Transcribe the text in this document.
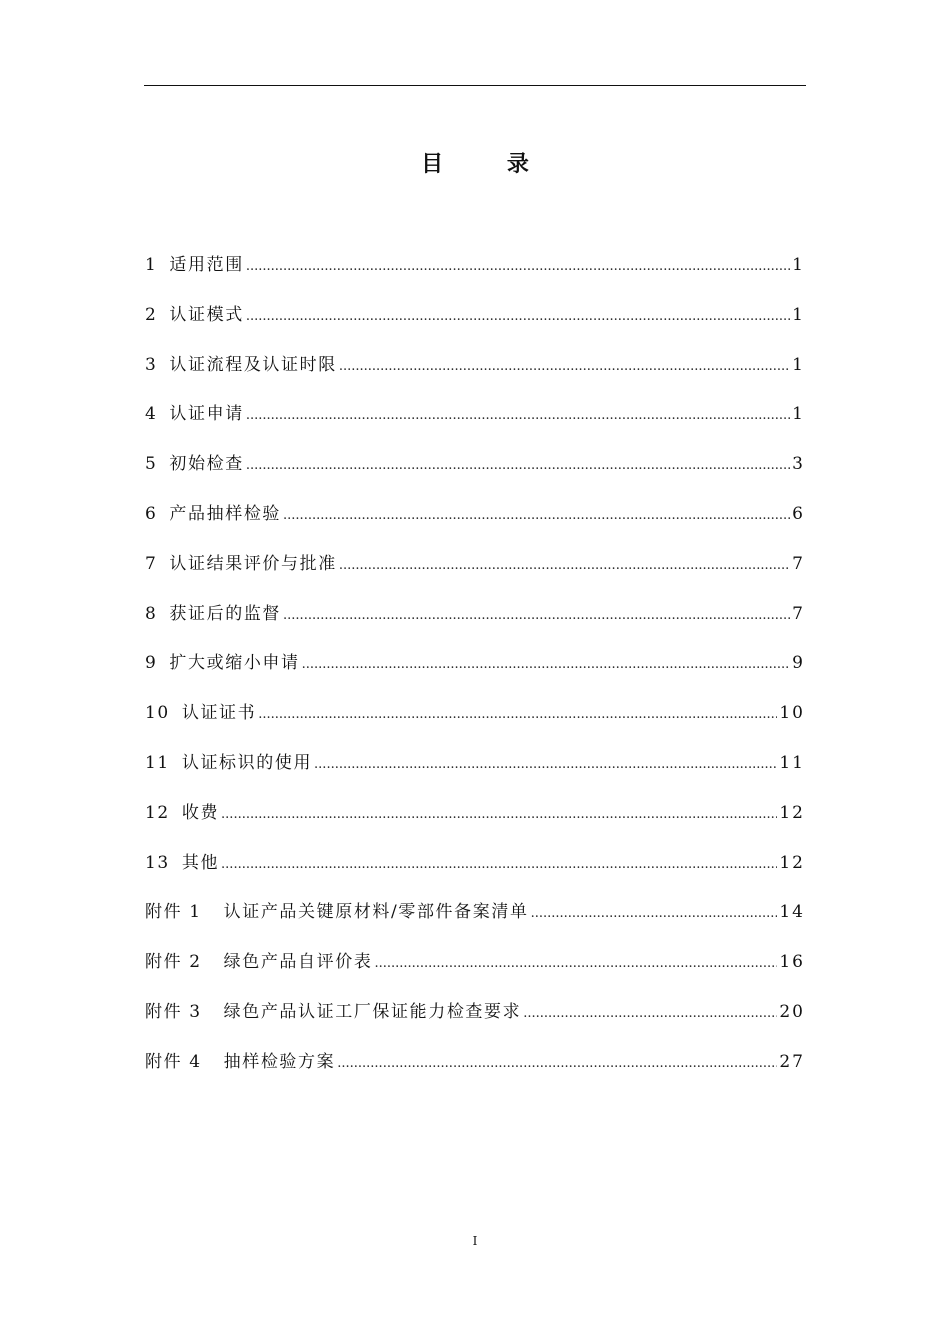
目 录
1 适用范围 .....	1
2 认证模式 .....	1
3 认证流程及认证时限 .....	1
4 认证申请 .....	1
5 初始检查 .....	3
6 产品抽样检验 .....	6
7 认证结果评价与批准 .....	7
8 获证后的监督 .....	7
9 扩大或缩小申请 .....	9
10 认证证书 .....	10
11 认证标识的使用 .....	11
12 收费 .....	12
13 其他 .....	12
附件 1 认证产品关键原材料/零部件备案清单 .....	14
附件 2 绿色产品自评价表 .....	16
附件 3 绿色产品认证工厂保证能力检查要求 .....	20
附件 4 抽样检验方案 .....	27
I
